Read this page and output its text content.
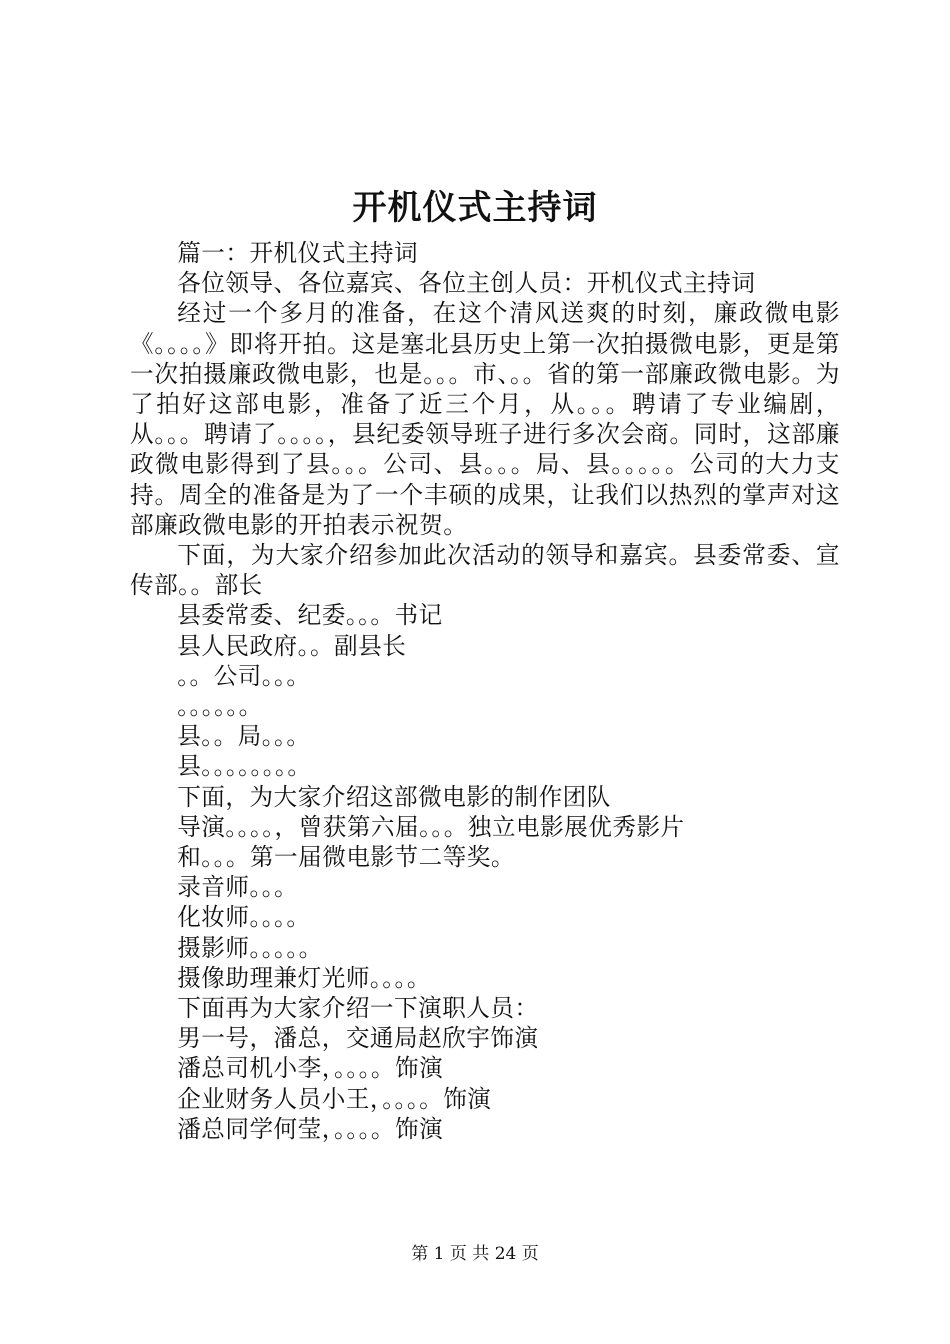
开机仪式主持词

篇一：开机仪式主持词

各位领导、各位嘉宾、各位主创人员：开机仪式主持词

经过一个多月的准备，在这个清风送爽的时刻，廉政微电影《。。。。》即将开拍。这是塞北县历史上第一次拍摄微电影，更是第一次拍摄廉政微电影，也是。。。市、。。省的第一部廉政微电影。为了拍好这部电影，准备了近三个月，从。。。聘请了专业编剧，从。。。聘请了。。。。，县纪委领导班子进行多次会商。同时，这部廉政微电影得到了县。。。公司、县。。。局、县。。。。。公司的大力支持。周全的准备是为了一个丰硕的成果，让我们以热烈的掌声对这部廉政微电影的开拍表示祝贺。

下面，为大家介绍参加此次活动的领导和嘉宾。县委常委、宣传部。。部长

县委常委、纪委。。。书记

县人民政府。。副县长

。。公司。。。

。。。。。。

县。。局。。。

县。。。。。。。。

下面，为大家介绍这部微电影的制作团队

导演。。。。，曾获第六届。。。独立电影展优秀影片

和。。。第一届微电影节二等奖。

录音师。。。

化妆师。。。。

摄影师。。。。。

摄像助理兼灯光师。。。。

下面再为大家介绍一下演职人员：

男一号，潘总，交通局赵欣宇饰演

潘总司机小李，。。。。饰演

企业财务人员小王，。。。。饰演

潘总同学何莹，。。。。饰演

第 1 页 共 24 页
